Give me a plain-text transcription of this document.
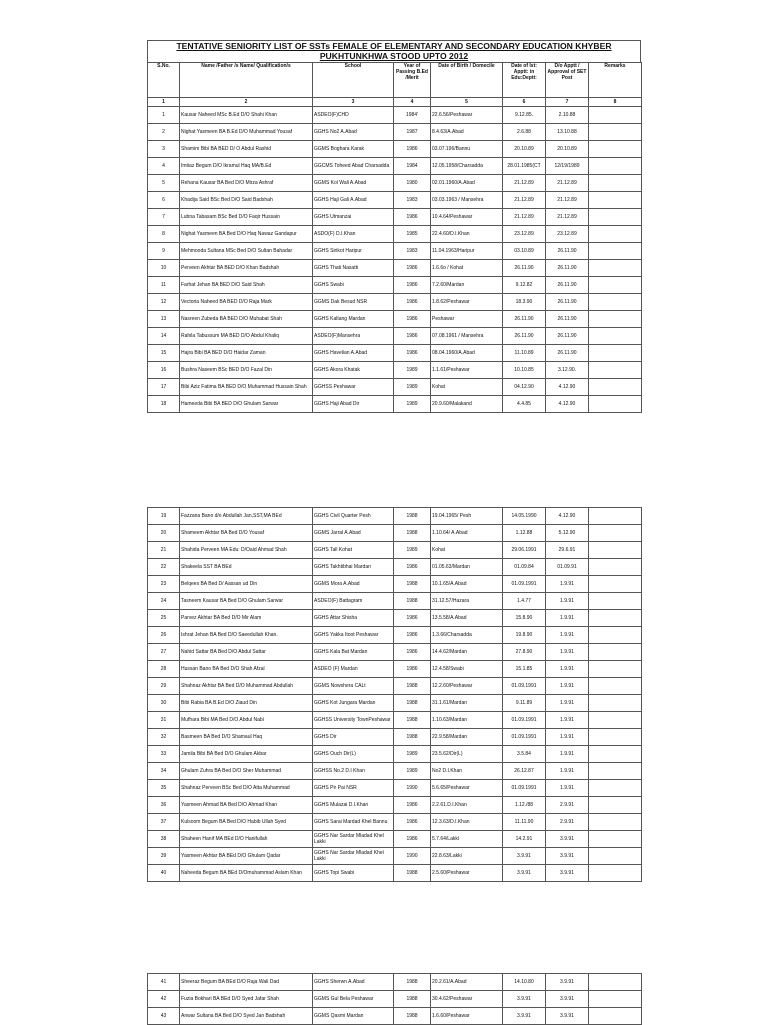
TENTATIVE SENIORITY LIST OF SSTs FEMALE OF ELEMENTARY AND SECONDARY EDUCATION KHYBER PUKHTUNKHWA STOOD UPTO 2012
S.No.	Name /Father /s Name/ Qualification/s	School	Year of Passing B.Ed /Merit	Date of Birth / Domecile	Date of Ist: Apptt: in Edu:Deptt:	D/o Apptt / Approval of SET Post	Remarks
1	2	3	4	5	6	7	8
1	Kausar Naheed MSc B.Ed D/O Shahi Khan	ASDEO(F)CHD	1984'	22.6.56/Peshawar	9.12.85.	2.10.88	
2	Nighat Yasmeen BA B.Ed D/O Muhammad Yousaf	GGHS No2 A.Abad	1987	8.4.63/A.Abad	2.6.88	13.10.88	
3	Shamim Bibi BA BED D/ O Abdul Rashid	GGMS Boghara Karak	1986	03.07.196/Bannu	20.10.89	20.10.89	
4	Imtiaz Begum D/O Ikramul Haq MA/B.Ed	GGCMS Toheed Abad Charsadda	1984	12.05.1958/Charsadda	28.01.1985(CT	12/19/1989	
5	Rehana Kausar BA Bed D/O Mirza Ashraf	GGMS Kol Wali A.Abad	1980	02.01.1960/A.Abad	21.12.89	21.12.89	
6	Khadija Said BSc Bed D/O Said Badshah	GGHS Haji Gali A.Abad	1983	03.03.1963 / Mansehra	21.12.89	21.12.89	
7	Lubna Tabasam BSc Bed D/O Faqir Hussain	GGHS Utmanzai	1986	10.4.64/Peshawar	21.12.89	21.12.89	
8	Nighat Yasmeen BA Bed D/O Haq Nawaz Gandapur	ASDO(F) D.I.Khan	1985	22.4.60/D.I.Khan	23.12.89	23.12.89	
9	Mehmooda Sultana MSc Bed D/O Sultan Bahadar	GGHS Sirikot Haripur	1983	11.04.1963/Haripur	03.10.89	26.11.90	
10	Perveen Akhtar BA BED D/O Khan Badshah	GGHS Thati Nasatti	1986	1.6.6o / Kohat	26.11.90	26.11.90	
11	Farhat Jehan BA BED D/O Said Shah	GGHS Swabi	1986	7.2.60/Mardan	9.12.82	26.11.90	
12	Vectoria Naheed BA BED D/O Raja Mark	GGMS Dak Besud NSR	1986	1.8.62/Peshawar	18.3.90	26.11.90	
13	Nasreen Zubeda BA BED D/O Muhabat Shah	GGHS Kaltang Mardan	1986	Peshawar	26.11.90	26.11.90	
14	Rahila Tabussum MA BED D/O Abdul Khaliq	ASDEO(F)Mansehra	1986	07.08.1961 / Mansehra	26.11.90	26.11.90	
15	Hajra Bibi BA BED D/O Haidar Zaman	GGHS Havelian A.Abad	1986	08.04.1960/A.Abad	11.10.89	26.11.90	
16	Bushra Naseem BSc BED D/O Fazal Din	GGHS Akora Khatak	1989	1.1.61/Peshawar	10.10.85	3.12.90.	
17	Bibi Aziz Fatima BA BED D/O Muhammad Hussain Shah	GGHSS Peshawar	1989	Kohat	04.12.90	4.12.90	
18	Hameeda Bibi BA BED D/O Ghulam Sarwar	GGHS Haji Abad Dir	1989	20.9.60/Malakand	4.4.85	4.12.90	
19	Fazzana Bano d/o Abdullah Jan,SST,MA BEd	GGHS Civil Quarter Pesh	1988	19.04.1965/ Pesh	14.05.1990	4.12.90	
20	Shameem Akhtar BA Bed D/O Yousaf	GGMS Jarral A.Abad	1988	1.10.64/ A.Abad	1.12.88	5.12.90	
21	Shahida Perveen MA Edu: D/Oaid Ahmad Shah	GGHS Tall Kohat	1989	Kohat	29.06.1991	29.6.91	
22	Shakeela SST BA BEd	GGHS Takhtibhai Mardan	1986	01.05.63/Mardan	01.09.84	01.09.91	
23	Belqees BA Bed D/ Aassan ud Din	GGMS Mora A.Abad	1988	10.1.65/A.Abad	01.09.1991	1.9.91	
24	Tasneem Kausar BA Bed D/O Ghulam Sarwar	ASDEO(F) Battagram	1988	31.12.57/Hazara	1.4.77	1.9.91	
25	Parvez Akhtar BA Bed D/O Mir Alam	GGHS Attar Shisha	1986	13.5.58/A.Abad	15.8.90	1.9.91	
26	Ishrat Jehan BA Bed D/O Saeedullah Khan.	GGHS Yakka Itoot Peshawar	1986	1.3.66/Charsadda	19.8.90	1.9.91	
27	Nahid Sattar BA Bed D/O Abdul Sattar	GGHS Kala Bat Mardan	1986	14.4.62/Mardan	27.8.90	1.9.91	
28	Hussan Bano BA Bed D/O Shah Afzal	ASDEO (F) Mardan	1986	12.4.58/Swabi	15.1.85	1.9.91	
29	Shahnaz Akhtar BA Bed D/O Muhammad Abdullah	GGMS Nowshera CALt	1988	12.2.60/Peshawar	01.09.1991	1.9.91	
30	Bibi Rabia BA B.Ed D/O Ziaud Din	GGHS Kot Jungara Mardan	1988	31.1.61/Mardan	9.11.89	1.9.91	
31	Mufhara Bibi MA Bed D/O Abdul Nabi	GGHSS University TownPeshawar	1988	1.10.63/Mardan	01.09.1991	1.9.91	
32	Basmeen BA Bed D/O Shamaul Haq	GGHS Dir	1988	22.9.58/Mardan	01.09.1991	1.9.91	
33	Jamila Bibi BA Bed D/O Ghulam Akbar	GGHS Ouch Dir(L)	1989	23.5.62/Dir(L)	3.5.84	1.9.91	
34	Ghulam Zuhra BA Bed D/O Sher Muhammad	GGHSS No.2 D.I Khan	1989	No2 D.I.Khan	26.12.87	1.9.91	
35	Shahnaz Perveen BSc Bed D/O Atta Muhammad	GGHS Pir Pai NSR	1990	5.6.65/Peshawar	01.09.1991	1.9.91	
36	Yasmeen Ahmad BA Bed D/O Ahmad Khan	GGHS Mulazai D.I.Khan	1986	2.2.61.D.I.Khan	1.12./88	2.9.91	
37	Kulsoom Begum BA Bed D/O Habib Ullah Syed	GGHS Sarai Mardad Khel Bannu	1986	12.3.63/D.I.Khan	11.11.90	2.9.91	
38	Shaheen Hanif MA BEd D/O Hanifullah	GGHS Nar Sardar Mladad Khel Lakki	1986	5.7.64/Lakki	14.2.91	3.9.91	
39	Yasmeen Akhtar BA BEd D/O Ghulam Qadar	GGHS Nar Sardar Mladad Khel Lakki	1990	22.8.63/Lakki	3.9.91	3.9.91	
40	Naheeda Begum BA BEd D/Omuhammad Aslam Khan	GGHS Topi Swabi	1988	2.5.60/Peshawar	3.9.91	3.9.91	
41	Sheeraz Begum BA BEd D/O Raja Wali Dad	GGHS Sherwn A.Abad	1988	20.2.61/A.Abad	14.10.80	3.9.91	
42	Fuzia Bokhari BA BEd D/O Syed Jafar Shah	GGMS Gul Bela Peshawar	1988	30.4.62/Peshawar	3.9.91	3.9.91	
43	Anwar Sultana BA Bed D/O Syed Jan Badshah	GGMS Qasmi Mardan	1988	1.6.60/Peshawar	3.9.91	3.9.91	
